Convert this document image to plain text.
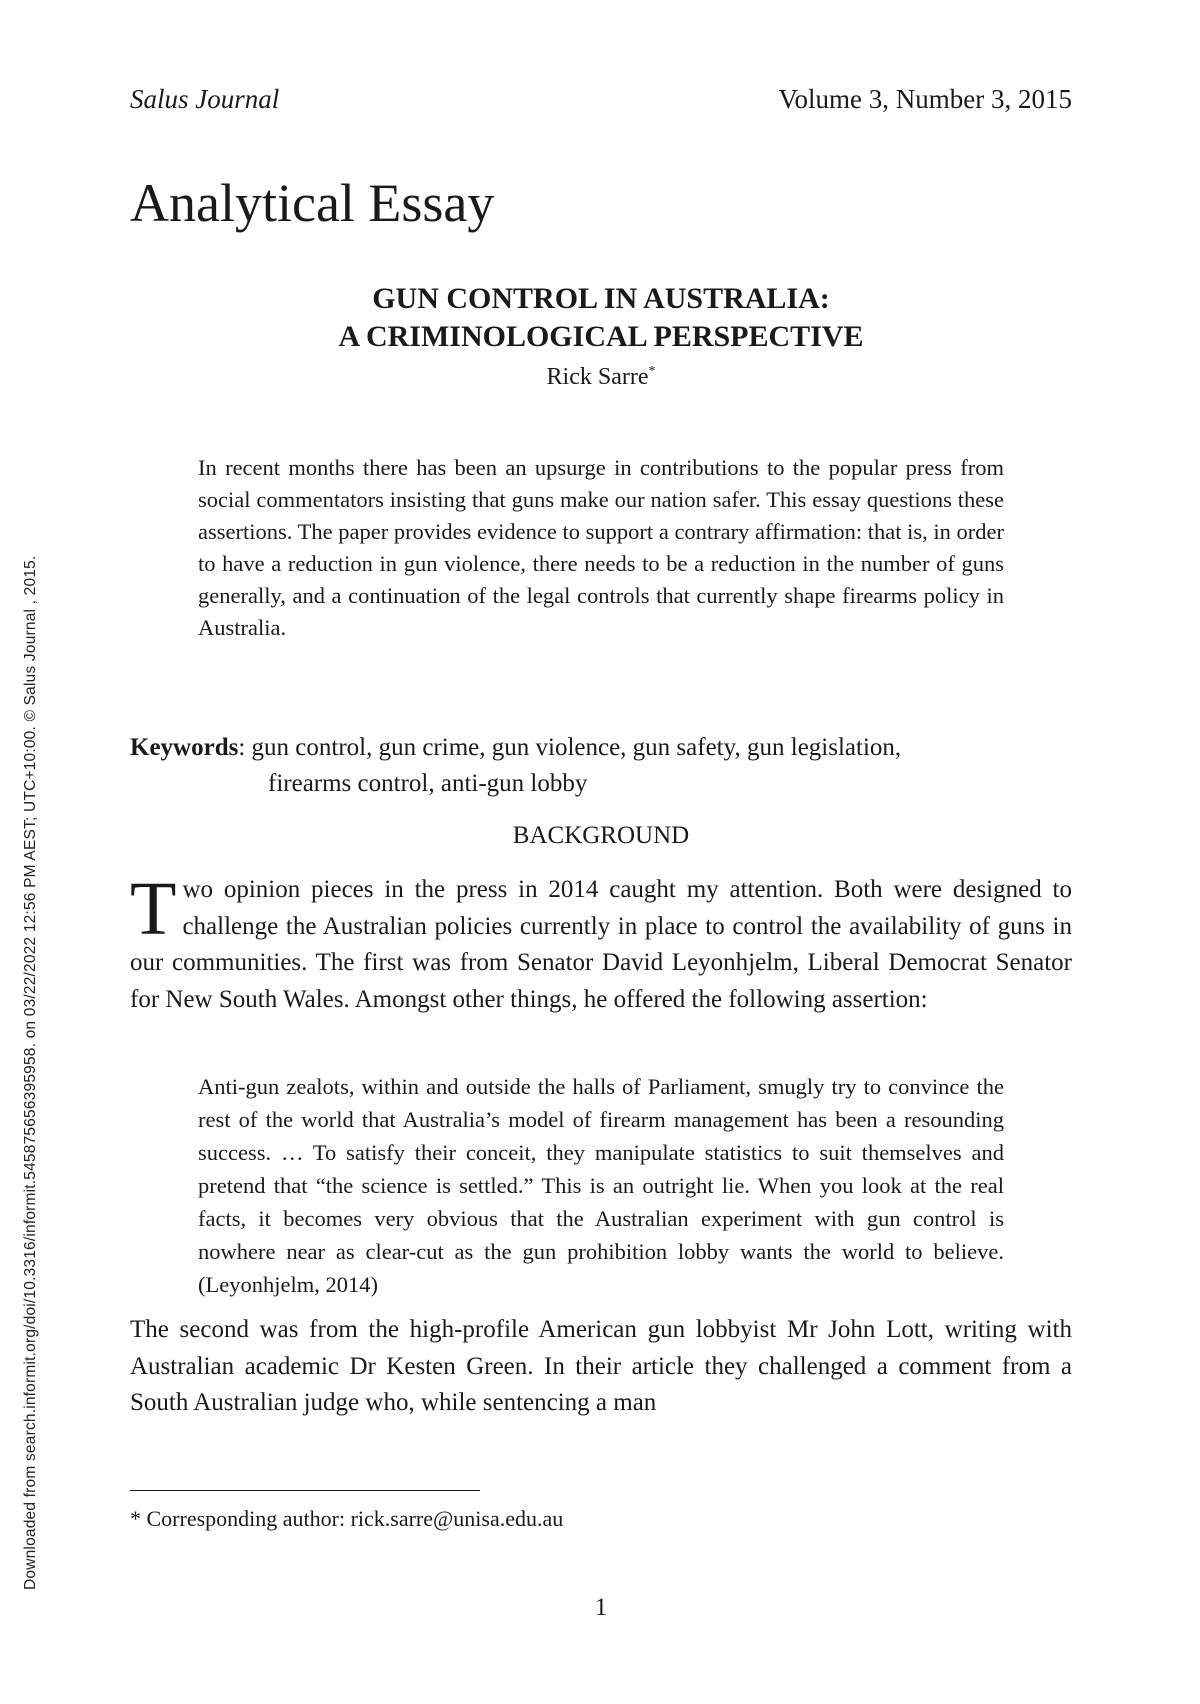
Downloaded from search.informit.org/doi/10.3316/informit.545875656395958. on 03/22/2022 12:56 PM AEST; UTC+10:00. © Salus Journal , 2015.
Salus Journal	Volume 3, Number 3, 2015
Analytical Essay
GUN CONTROL IN AUSTRALIA:
A CRIMINOLOGICAL PERSPECTIVE
Rick Sarre*

In recent months there has been an upsurge in contributions to the popular press from social commentators insisting that guns make our nation safer. This essay questions these assertions. The paper provides evidence to support a contrary affirmation: that is, in order to have a reduction in gun violence, there needs to be a reduction in the number of guns generally, and a continuation of the legal controls that currently shape firearms policy in Australia.

Keywords: gun control, gun crime, gun violence, gun safety, gun legislation,
firearms control, anti-gun lobby
BACKGROUND

Two opinion pieces in the press in 2014 caught my attention. Both were designed to challenge the Australian policies currently in place to control the availability of guns in our communities. The first was from Senator David Leyonhjelm, Liberal Democrat Senator for New South Wales. Amongst other things, he offered the following assertion:

Anti-gun zealots, within and outside the halls of Parliament, smugly try to convince the rest of the world that Australia’s model of firearm management has been a resounding success. … To satisfy their conceit, they manipulate statistics to suit themselves and pretend that “the science is settled.” This is an outright lie. When you look at the real facts, it becomes very obvious that the Australian experiment with gun control is nowhere near as clear-cut as the gun prohibition lobby wants the world to believe. (Leyonhjelm, 2014)

The second was from the high-profile American gun lobbyist Mr John Lott, writing with Australian academic Dr Kesten Green. In their article they challenged a comment from a South Australian judge who, while sentencing a man

* Corresponding author: rick.sarre@unisa.edu.au
1
